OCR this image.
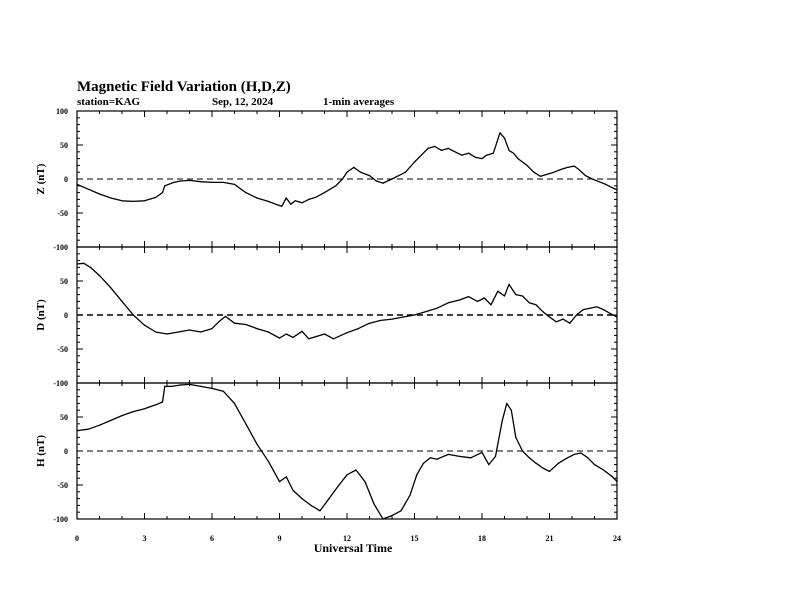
Magnetic Field Variation (H,D,Z)
station=KAG	Sep, 12, 2024	1-min averages
100
50
0
-50
-100
Z (nT)
50
0
-50
-100
D (nT)
50
0
-50
-100
H (nT)
0	3	6	9	12	15	18	21	24
Universal Time
